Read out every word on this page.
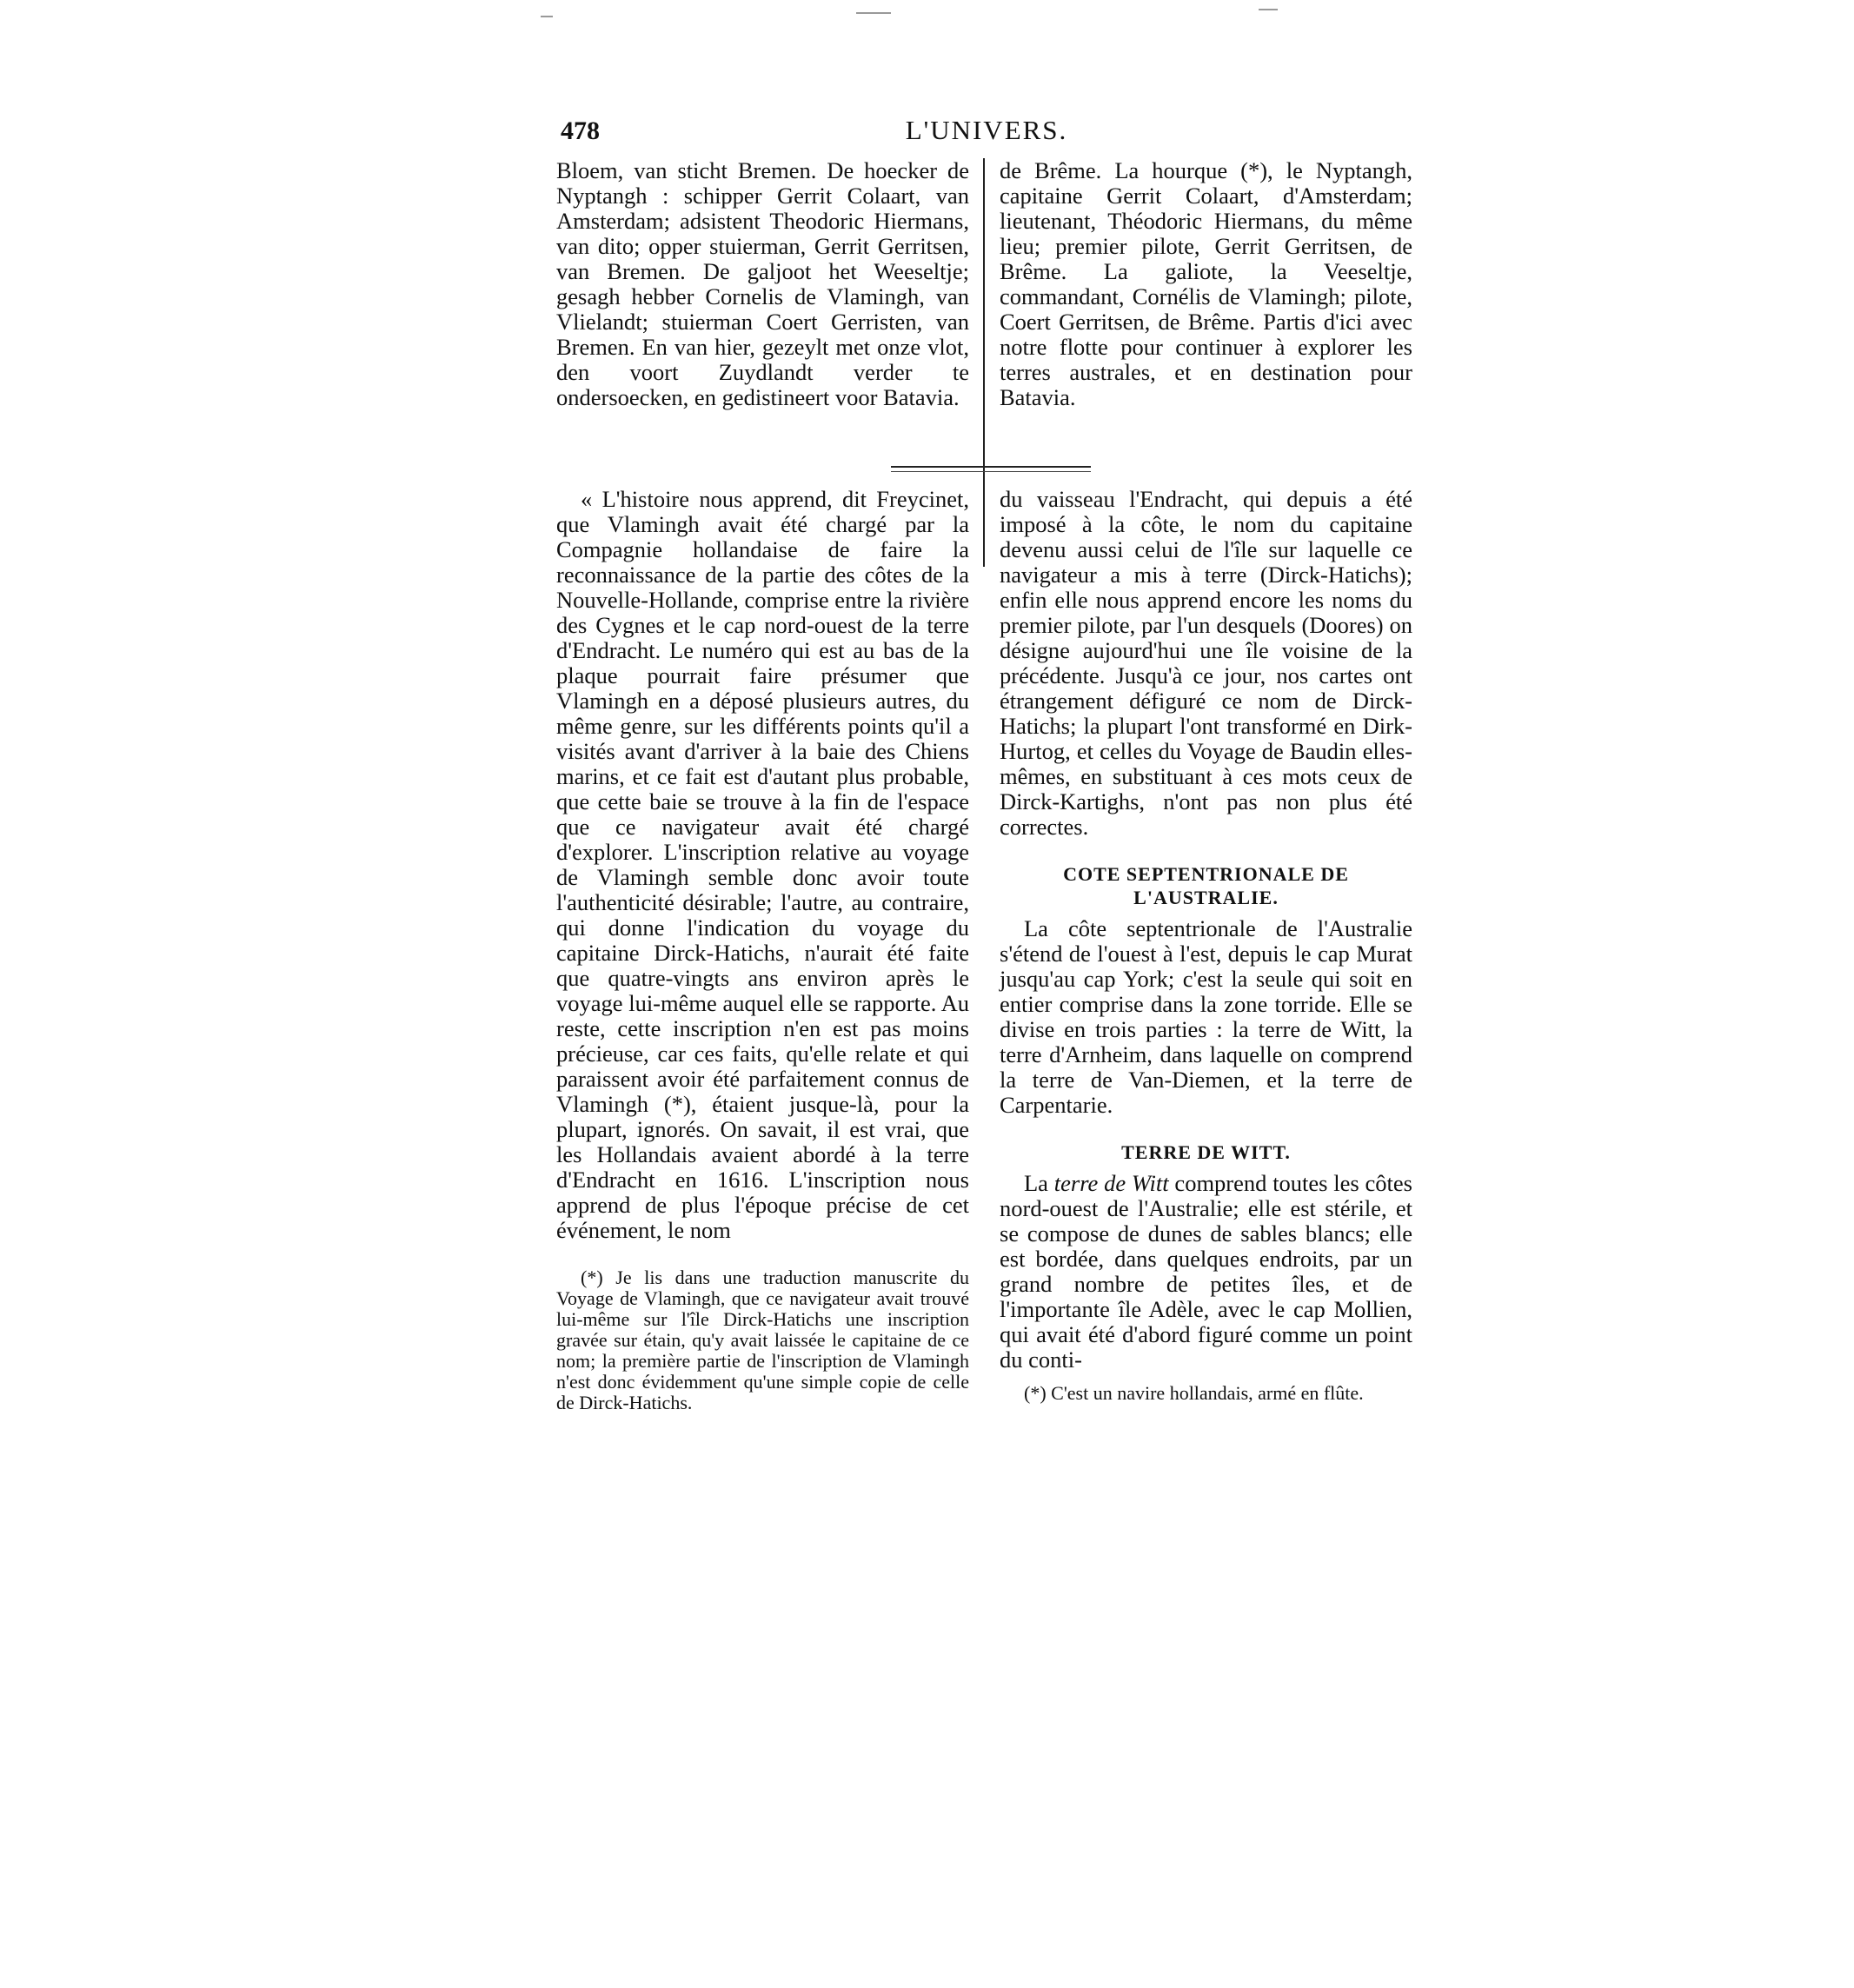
478	L'UNIVERS.

Bloem, van sticht Bremen. De hoecker de Nyptangh : schipper Gerrit Colaart, van Amsterdam; adsistent Theodoric Hiermans, van dito; opper stuierman, Gerrit Gerritsen, van Bremen. De galjoot het Weeseltje; gesagh hebber Cornelis de Vlamingh, van Vlielandt; stuierman Coert Gerristen, van Bremen. En van hier, gezeylt met onze vlot, den voort Zuydlandt verder te ondersoecken, en gedistineert voor Batavia.

de Brême. La hourque (*), le Nyptangh, capitaine Gerrit Colaart, d'Amsterdam; lieutenant, Théodoric Hiermans, du même lieu; premier pilote, Gerrit Gerritsen, de Brême. La galiote, la Veeseltje, commandant, Cornélis de Vlamingh; pilote, Coert Gerritsen, de Brême. Partis d'ici avec notre flotte pour continuer à explorer les terres australes, et en destination pour Batavia.

« L'histoire nous apprend, dit Freycinet, que Vlamingh avait été chargé par la Compagnie hollandaise de faire la reconnaissance de la partie des côtes de la Nouvelle-Hollande, comprise entre la rivière des Cygnes et le cap nord-ouest de la terre d'Endracht. Le numéro qui est au bas de la plaque pourrait faire présumer que Vlamingh en a déposé plusieurs autres, du même genre, sur les différents points qu'il a visités avant d'arriver à la baie des Chiens marins, et ce fait est d'autant plus probable, que cette baie se trouve à la fin de l'espace que ce navigateur avait été chargé d'explorer. L'inscription relative au voyage de Vlamingh semble donc avoir toute l'authenticité désirable; l'autre, au contraire, qui donne l'indication du voyage du capitaine Dirck-Hatichs, n'aurait été faite que quatre-vingts ans environ après le voyage lui-même auquel elle se rapporte. Au reste, cette inscription n'en est pas moins précieuse, car ces faits, qu'elle relate et qui paraissent avoir été parfaitement connus de Vlamingh (*), étaient jusque-là, pour la plupart, ignorés. On savait, il est vrai, que les Hollandais avaient abordé à la terre d'Endracht en 1616. L'inscription nous apprend de plus l'époque précise de cet événement, le nom

(*) Je lis dans une traduction manuscrite du Voyage de Vlamingh, que ce navigateur avait trouvé lui-même sur l'île Dirck-Hatichs une inscription gravée sur étain, qu'y avait laissée le capitaine de ce nom; la première partie de l'inscription de Vlamingh n'est donc évidemment qu'une simple copie de celle de Dirck-Hatichs.

du vaisseau l'Endracht, qui depuis a été imposé à la côte, le nom du capitaine devenu aussi celui de l'île sur laquelle ce navigateur a mis à terre (Dirck-Hatichs); enfin elle nous apprend encore les noms du premier pilote, par l'un desquels (Doores) on désigne aujourd'hui une île voisine de la précédente. Jusqu'à ce jour, nos cartes ont étrangement défiguré ce nom de Dirck-Hatichs; la plupart l'ont transformé en Dirk-Hurtog, et celles du Voyage de Baudin elles-mêmes, en substituant à ces mots ceux de Dirck-Kartighs, n'ont pas non plus été correctes.

COTE SEPTENTRIONALE DE L'AUSTRALIE.

La côte septentrionale de l'Australie s'étend de l'ouest à l'est, depuis le cap Murat jusqu'au cap York; c'est la seule qui soit en entier comprise dans la zone torride. Elle se divise en trois parties : la terre de Witt, la terre d'Arnheim, dans laquelle on comprend la terre de Van-Diemen, et la terre de Carpentarie.

TERRE DE WITT.

La terre de Witt comprend toutes les côtes nord-ouest de l'Australie; elle est stérile, et se compose de dunes de sables blancs; elle est bordée, dans quelques endroits, par un grand nombre de petites îles, et de l'importante île Adèle, avec le cap Mollien, qui avait été d'abord figuré comme un point du conti-

(*) C'est un navire hollandais, armé en flûte.
